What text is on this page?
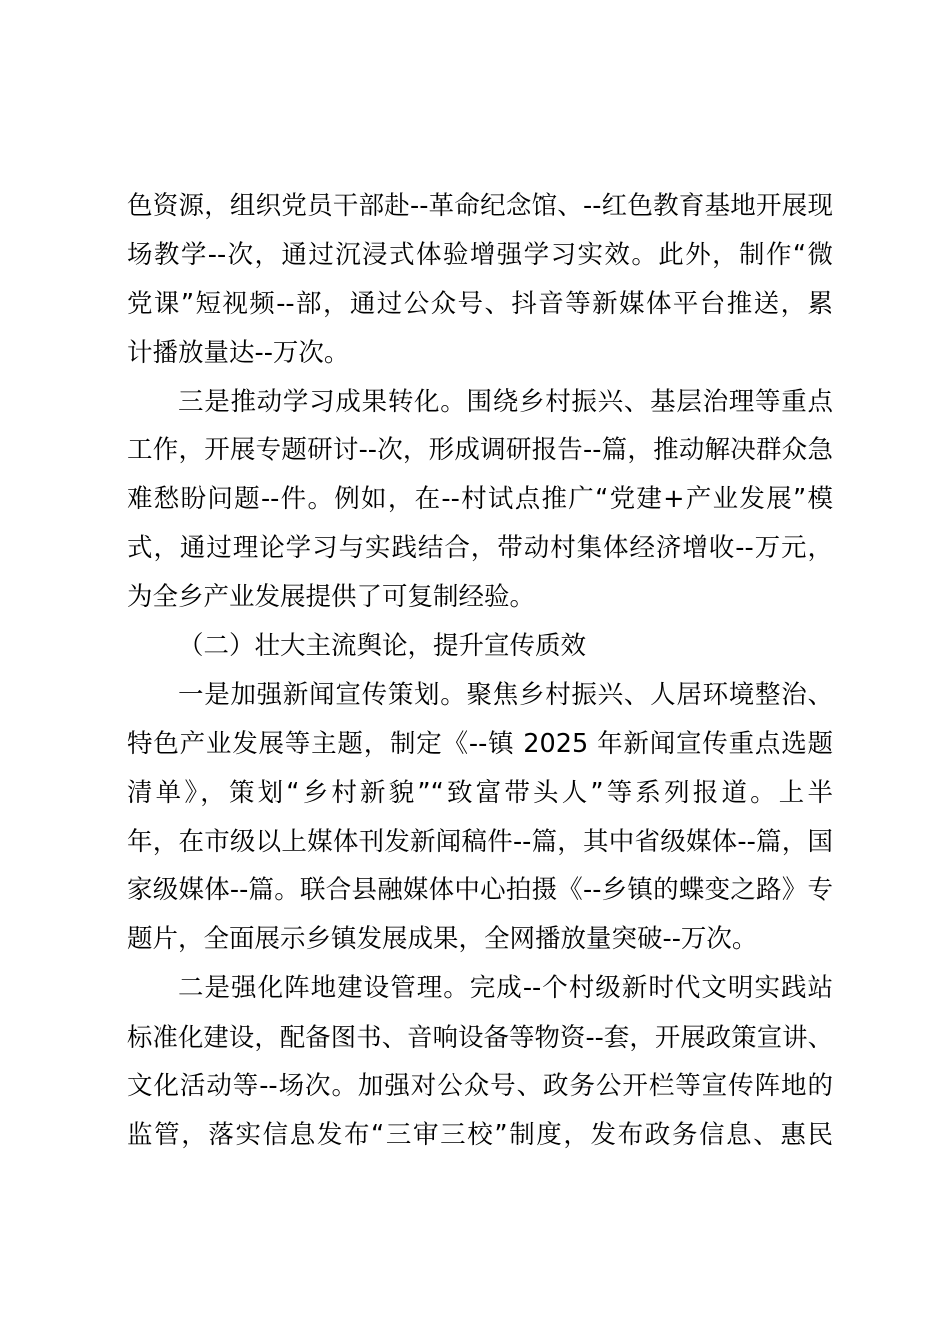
色资源，组织党员干部赴--革命纪念馆、--红色教育基地开展现
场教学--次，通过沉浸式体验增强学习实效。此外，制作“微
党课”短视频--部，通过公众号、抖音等新媒体平台推送，累
计播放量达--万次。
三是推动学习成果转化。围绕乡村振兴、基层治理等重点
工作，开展专题研讨--次，形成调研报告--篇，推动解决群众急
难愁盼问题--件。例如，在--村试点推广“党建+产业发展”模
式，通过理论学习与实践结合，带动村集体经济增收--万元，
为全乡产业发展提供了可复制经验。
（二）壮大主流舆论，提升宣传质效
一是加强新闻宣传策划。聚焦乡村振兴、人居环境整治、
特色产业发展等主题，制定《--镇 2025 年新闻宣传重点选题
清单》，策划“乡村新貌”“致富带头人”等系列报道。上半
年，在市级以上媒体刊发新闻稿件--篇，其中省级媒体--篇，国
家级媒体--篇。联合县融媒体中心拍摄《--乡镇的蝶变之路》专
题片，全面展示乡镇发展成果，全网播放量突破--万次。
二是强化阵地建设管理。完成--个村级新时代文明实践站
标准化建设，配备图书、音响设备等物资--套，开展政策宣讲、
文化活动等--场次。加强对公众号、政务公开栏等宣传阵地的
监管，落实信息发布“三审三校”制度，发布政务信息、惠民
